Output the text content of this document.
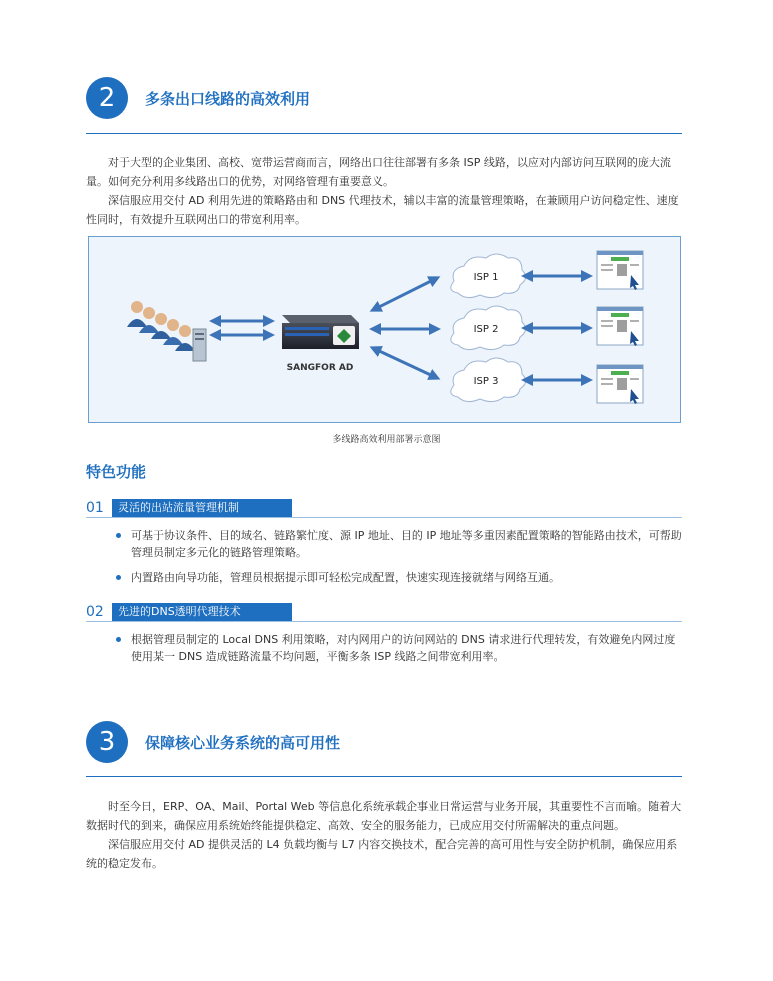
2	多条出口线路的高效利用

对于大型的企业集团、高校、宽带运营商而言，网络出口往往部署有多条 ISP 线路，以应对内部访问互联网的庞大流量。如何充分利用多线路出口的优势，对网络管理有重要意义。

深信服应用交付 AD 利用先进的策略路由和 DNS 代理技术，辅以丰富的流量管理策略，在兼顾用户访问稳定性、速度性同时，有效提升互联网出口的带宽利用率。

SANGFOR AD
ISP 1
ISP 2
ISP 3
多线路高效利用部署示意图
特色功能
01	灵活的出站流量管理机制
可基于协议条件、目的域名、链路繁忙度、源 IP 地址、目的 IP 地址等多重因素配置策略的智能路由技术，可帮助管理员制定多元化的链路管理策略。
内置路由向导功能，管理员根据提示即可轻松完成配置，快速实现连接就绪与网络互通。
02	先进的DNS透明代理技术
根据管理员制定的 Local DNS 利用策略，对内网用户的访问网站的 DNS 请求进行代理转发，有效避免内网过度使用某一 DNS 造成链路流量不均问题，平衡多条 ISP 线路之间带宽利用率。
3	保障核心业务系统的高可用性

时至今日，ERP、OA、Mail、Portal Web 等信息化系统承载企事业日常运营与业务开展，其重要性不言而喻。随着大数据时代的到来，确保应用系统始终能提供稳定、高效、安全的服务能力，已成应用交付所需解决的重点问题。

深信服应用交付 AD 提供灵活的 L4 负载均衡与 L7 内容交换技术，配合完善的高可用性与安全防护机制，确保应用系统的稳定发布。
